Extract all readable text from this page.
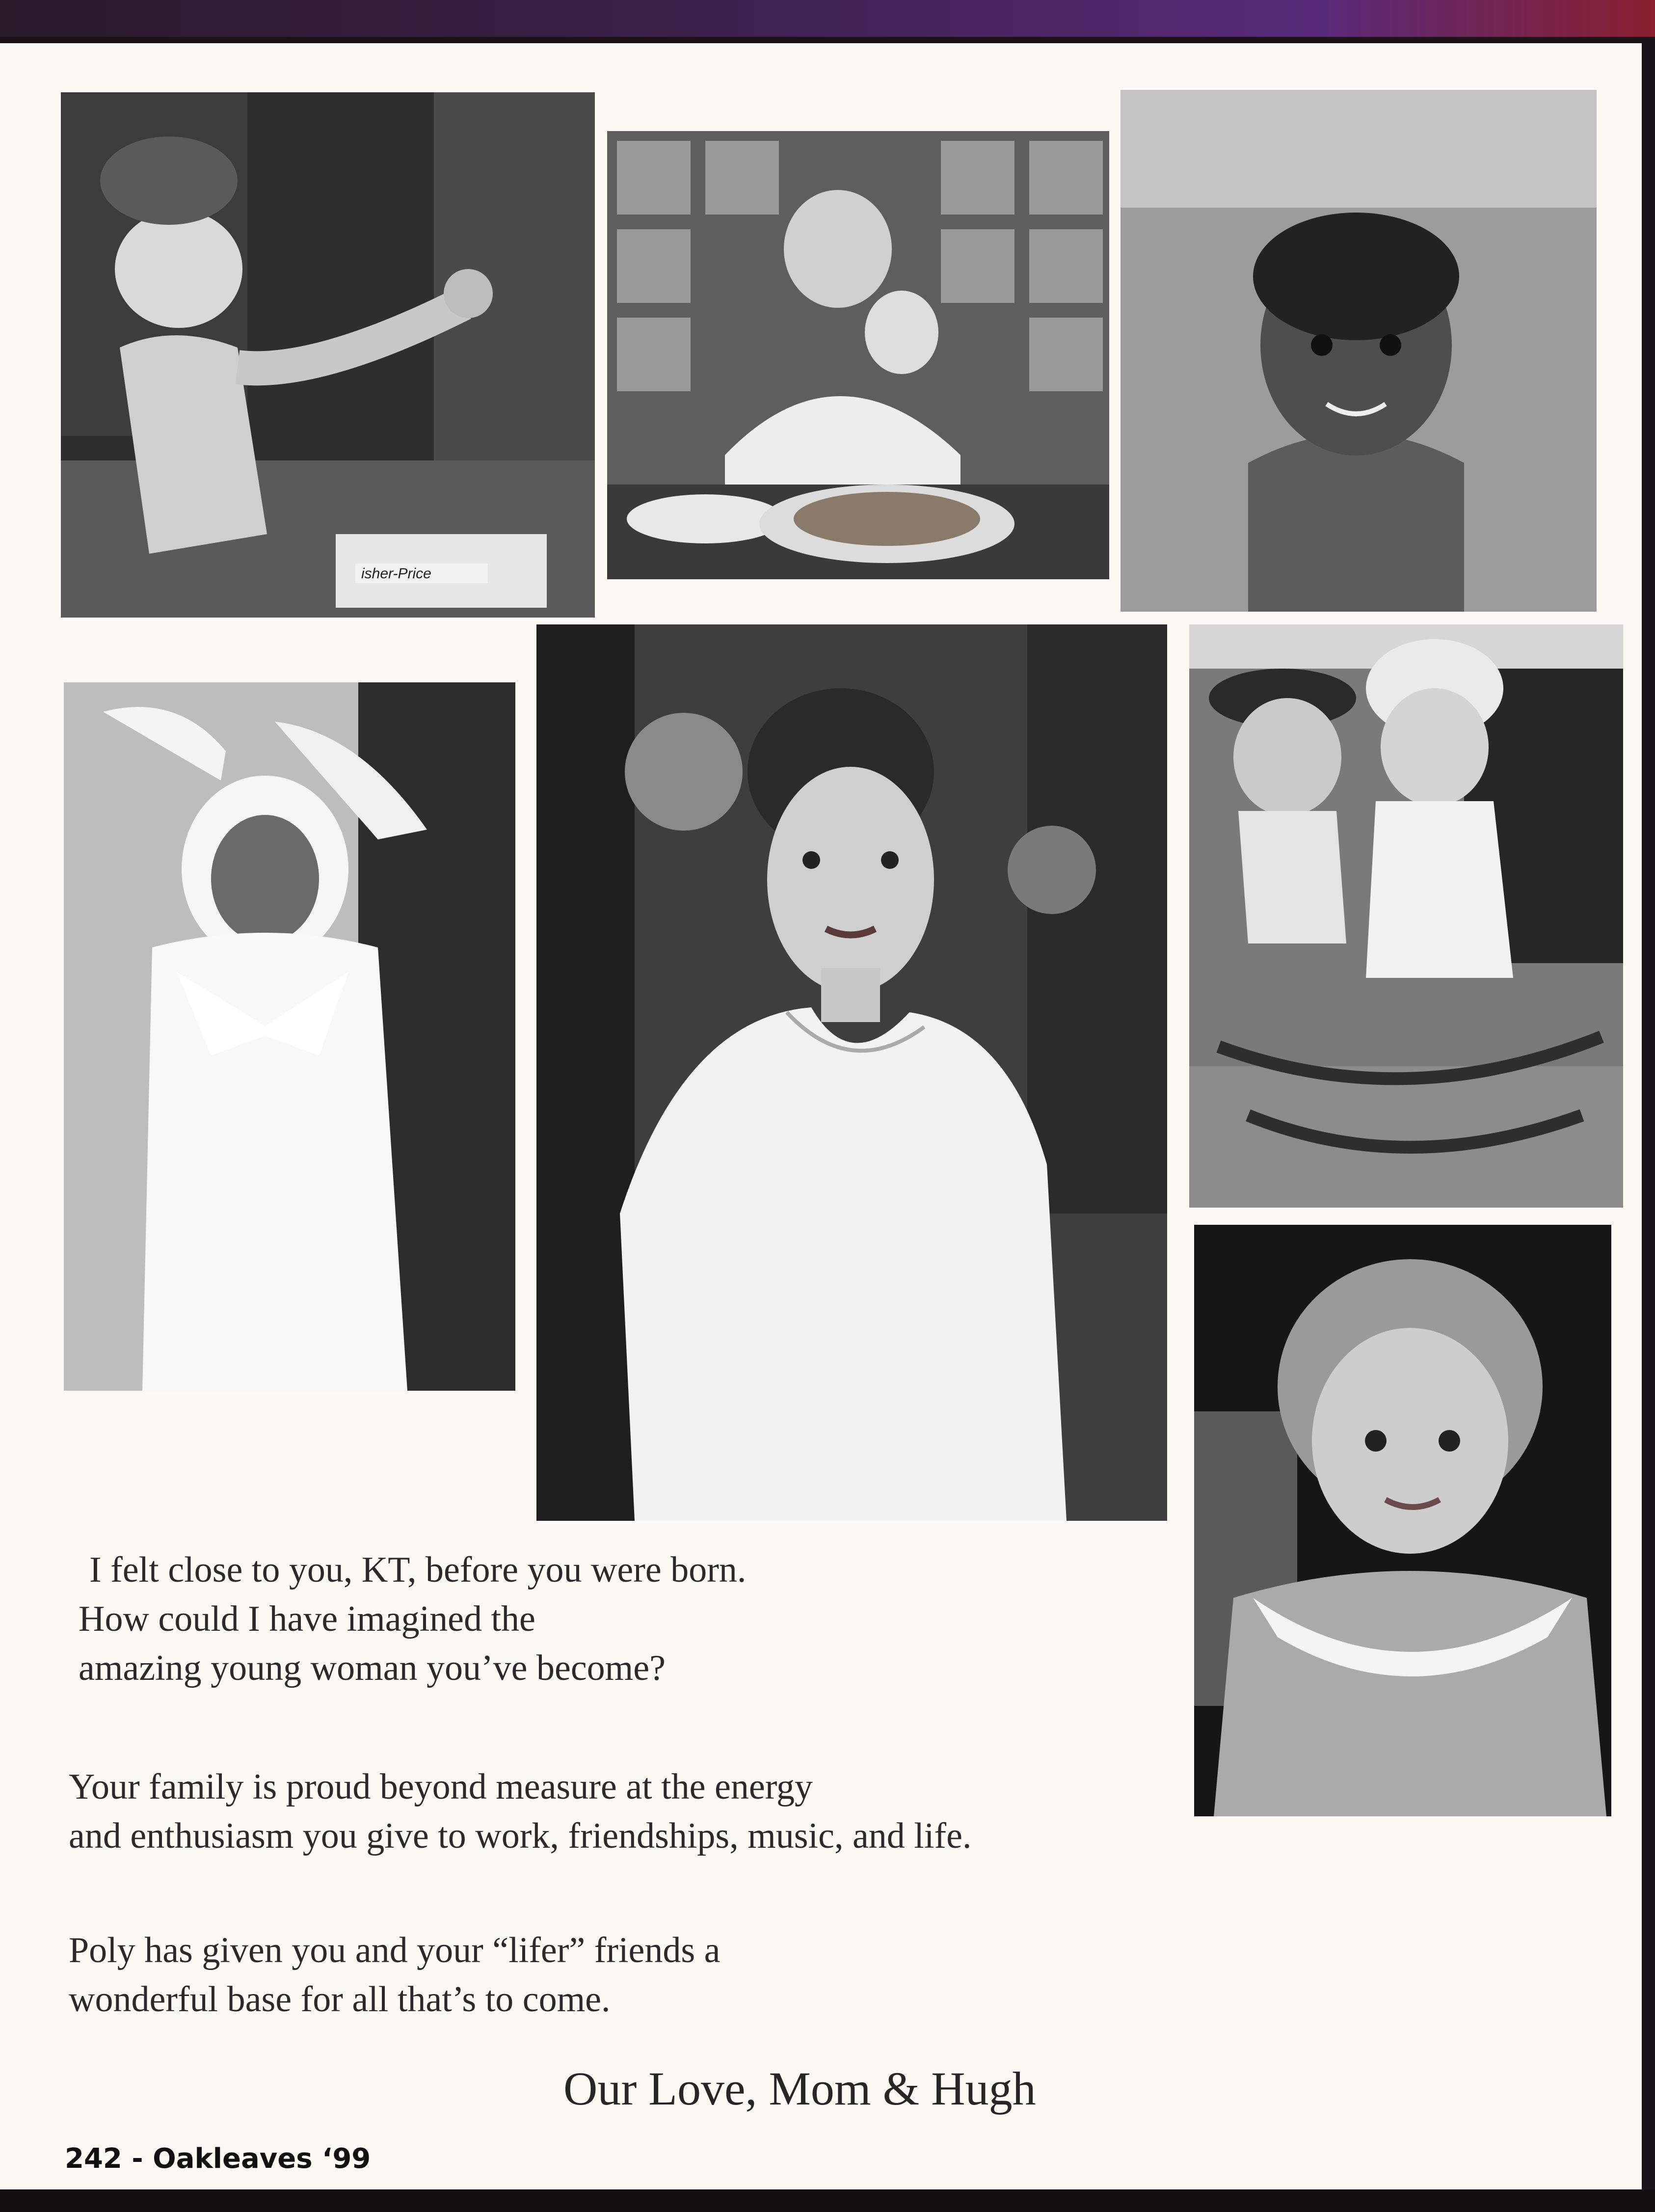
isher-Price

I felt close to you, KT, before you were born.

How could I have imagined the

amazing young woman you’ve become?

Your family is proud beyond measure at the energy

and enthusiasm you give to work, friendships, music, and life.

Poly has given you and your “lifer” friends a

wonderful base for all that’s to come.

Our Love, Mom & Hugh
242 - Oakleaves ‘99
